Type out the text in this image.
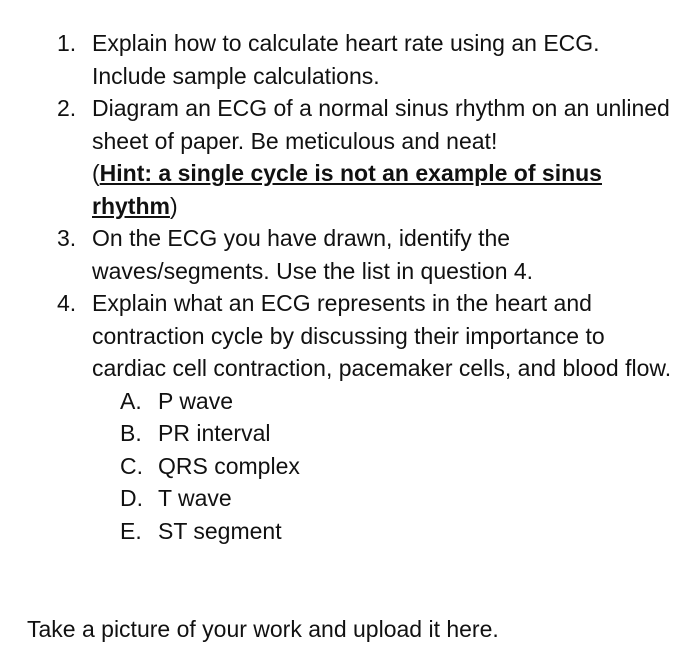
1. Explain how to calculate heart rate using an ECG. Include sample calculations.
2. Diagram an ECG of a normal sinus rhythm on an unlined sheet of paper. Be meticulous and neat!
(Hint: a single cycle is not an example of sinus rhythm)
3. On the ECG you have drawn, identify the waves/segments. Use the list in question 4.
4. Explain what an ECG represents in the heart and contraction cycle by discussing their importance to cardiac cell contraction, pacemaker cells, and blood flow.
A. P wave
B. PR interval
C. QRS complex
D. T wave
E. ST segment
Take a picture of your work and upload it here.
